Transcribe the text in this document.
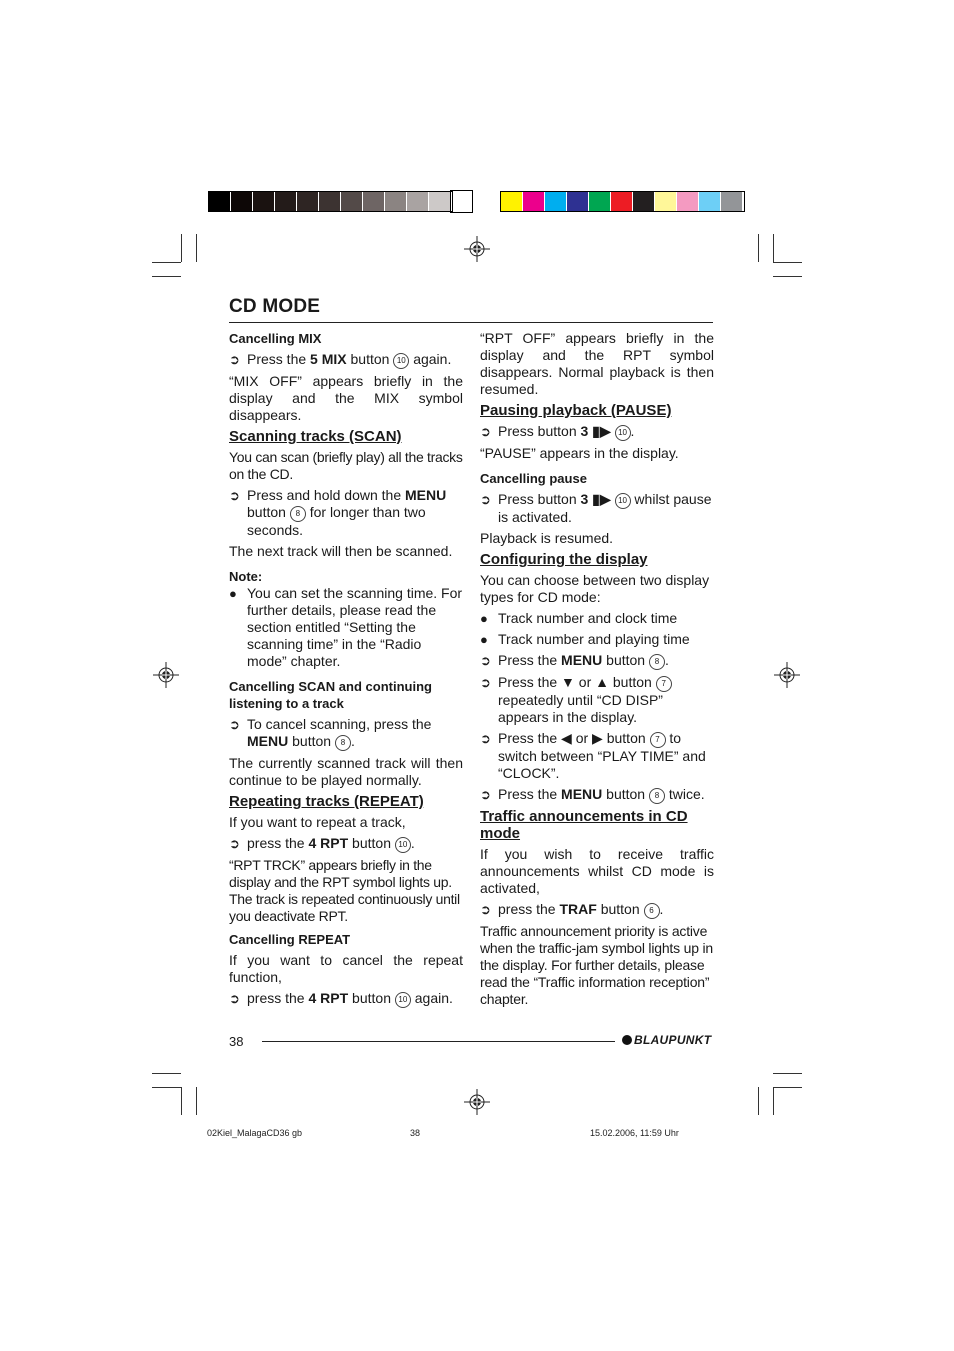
CD MODE

Cancelling MIX

➲ Press the 5 MIX button 10 again.

“MIX OFF” appears briefly in the display and the MIX symbol disappears.

Scanning tracks (SCAN)

You can scan (briefly play) all the tracks on the CD.

➲ Press and hold down the MENU button 8 for longer than two seconds.

The next track will then be scanned.

Note:

● You can set the scanning time. For further details, please read the section entitled “Setting the scanning time” in the “Radio mode” chapter.

Cancelling SCAN and continuing listening to a track

➲ To cancel scanning, press the MENU button 8 .

The currently scanned track will then continue to be played normally.

Repeating tracks (REPEAT)

If you want to repeat a track,

➲ press the 4 RPT button 10 .

“RPT TRCK” appears briefly in the display and the RPT symbol lights up. The track is repeated continuously until you deactivate RPT.

Cancelling REPEAT

If you want to cancel the repeat function,

➲ press the 4 RPT button 10 again.

“RPT OFF” appears briefly in the display and the RPT symbol disappears. Normal playback is then resumed.

Pausing playback (PAUSE)

➲ Press button 3 ▮▶ 10 .

“PAUSE” appears in the display.

Cancelling pause

➲ Press button 3 ▮▶ 10 whilst pause is activated.

Playback is resumed.

Configuring the display

You can choose between two display types for CD mode:

● Track number and clock time
● Track number and playing time
➲ Press the MENU button 8 .
➲ Press the ▼ or ▲ button 7 repeatedly until “CD DISP” appears in the display.
➲ Press the ◀ or ▶ button 7 to switch between “PLAY TIME” and “CLOCK”.
➲ Press the MENU button 8 twice.

Traffic announcements in CD mode

If you wish to receive traffic announcements whilst CD mode is activated,

➲ press the TRAF button 6 .

Traffic announcement priority is active when the traffic-jam symbol lights up in the display. For further details, please read the “Traffic information reception” chapter.

38	BLAUPUNKT
02Kiel_MalagaCD36 gb	38	15.02.2006, 11:59 Uhr
